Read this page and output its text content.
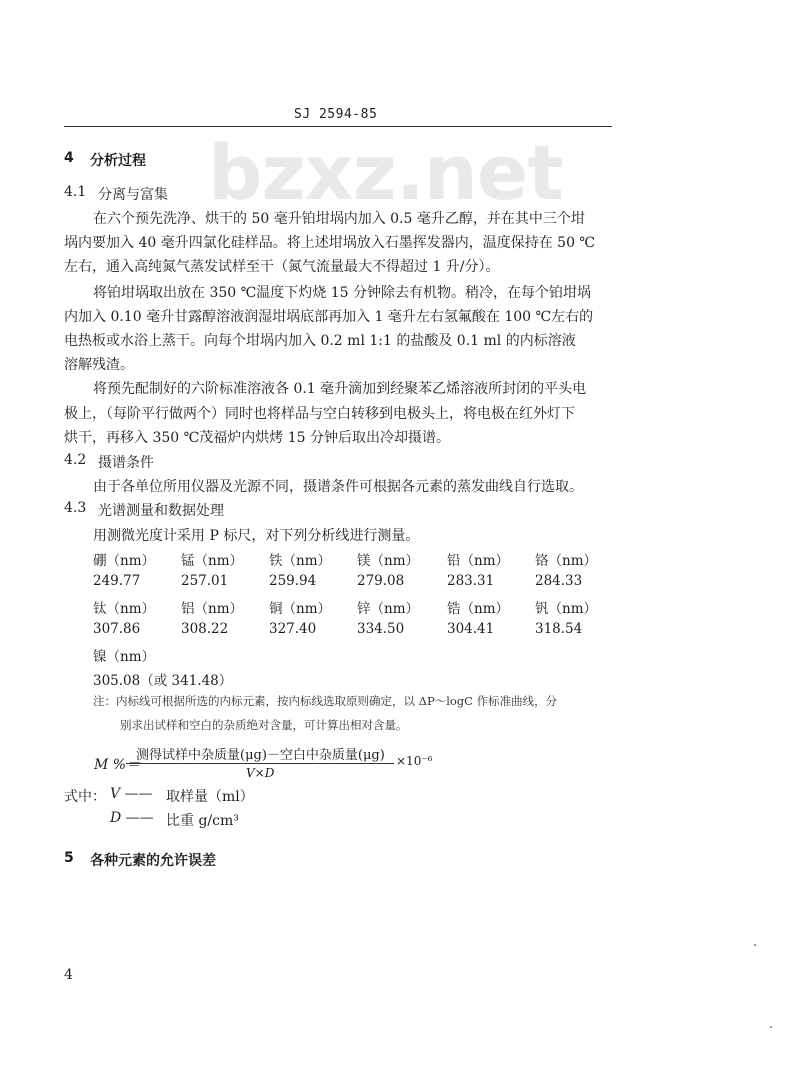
bzxz.net
SJ 2594-85
4 分析过程
4.1 分离与富集
在六个预先洗净、烘干的 50 毫升铂坩埚内加入 0.5 毫升乙醇，并在其中三个坩
埚内要加入 40 毫升四氯化硅样品。将上述坩埚放入石墨挥发器内，温度保持在 50 ℃
左右，通入高纯氮气蒸发试样至干（氮气流量最大不得超过 1 升/分）。
将铂坩埚取出放在 350 ℃温度下灼烧 15 分钟除去有机物。稍冷，在每个铂坩埚
内加入 0.10 毫升甘露醇溶液润湿坩埚底部再加入 1 毫升左右氢氟酸在 100 ℃左右的
电热板或水浴上蒸干。向每个坩埚内加入 0.2 ml 1:1 的盐酸及 0.1 ml 的内标溶液
溶解残渣。
将预先配制好的六阶标准溶液各 0.1 毫升滴加到经聚苯乙烯溶液所封闭的平头电
极上，（每阶平行做两个）同时也将样品与空白转移到电极头上，将电极在红外灯下
烘干，再移入 350 ℃茂福炉内烘烤 15 分钟后取出冷却摄谱。
4.2 摄谱条件
由于各单位所用仪器及光源不同，摄谱条件可根据各元素的蒸发曲线自行选取。
4.3 光谱测量和数据处理
用测微光度计采用 P 标尺，对下列分析线进行测量。
硼（nm） 锰（nm） 铁（nm） 镁（nm） 铅（nm） 铬（nm）
249.77	257.01	259.94	279.08	283.31	284.33
钛（nm） 铝（nm） 铜（nm） 锌（nm） 锆（nm） 钒（nm）
307.86	308.22	327.40	334.50	304.41	318.54
镍（nm）
305.08（或 341.48）
注：内标线可根据所选的内标元素，按内标线选取原则确定，以 ΔP～logC 作标准曲线，分
别求出试样和空白的杂质绝对含量，可计算出相对含量。
M %＝
测得试样中杂质量(μg)－空白中杂质量(μg)
V×D
×10⁻⁶
式中： V —— 取样量（ml）
D —— 比重 g/cm³
5 各种元素的允许误差
4
